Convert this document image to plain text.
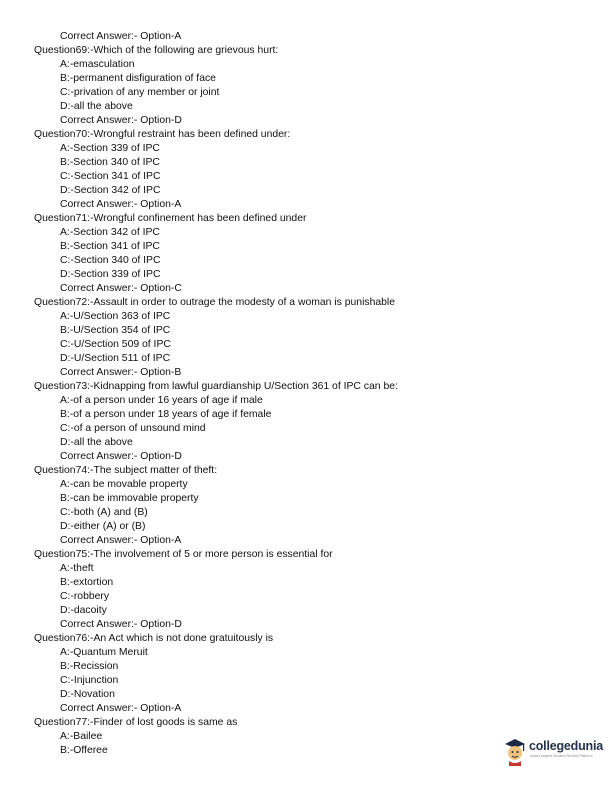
Correct Answer:- Option-A
Question69:-Which of the following are grievous hurt:
A:-emasculation
B:-permanent disfiguration of face
C:-privation of any member or joint
D:-all the above
Correct Answer:- Option-D
Question70:-Wrongful restraint has been defined under:
A:-Section 339 of IPC
B:-Section 340 of IPC
C:-Section 341 of IPC
D:-Section 342 of IPC
Correct Answer:- Option-A
Question71:-Wrongful confinement has been defined under
A:-Section 342 of IPC
B:-Section 341 of IPC
C:-Section 340 of IPC
D:-Section 339 of IPC
Correct Answer:- Option-C
Question72:-Assault in order to outrage the modesty of a woman is punishable
A:-U/Section 363 of IPC
B:-U/Section 354 of IPC
C:-U/Section 509 of IPC
D:-U/Section 511 of IPC
Correct Answer:- Option-B
Question73:-Kidnapping from lawful guardianship U/Section 361 of IPC can be:
A:-of a person under 16 years of age if male
B:-of a person under 18 years of age if female
C:-of a person of unsound mind
D:-all the above
Correct Answer:- Option-D
Question74:-The subject matter of theft:
A:-can be movable property
B:-can be immovable property
C:-both (A) and (B)
D:-either (A) or (B)
Correct Answer:- Option-A
Question75:-The involvement of 5 or more person is essential for
A:-theft
B:-extortion
C:-robbery
D:-dacoity
Correct Answer:- Option-D
Question76:-An Act which is not done gratuitously is
A:-Quantum Meruit
B:-Recission
C:-Injunction
D:-Novation
Correct Answer:- Option-A
Question77:-Finder of lost goods is same as
A:-Bailee
B:-Offeree	collegedunia
India's largest Student Review Platform
